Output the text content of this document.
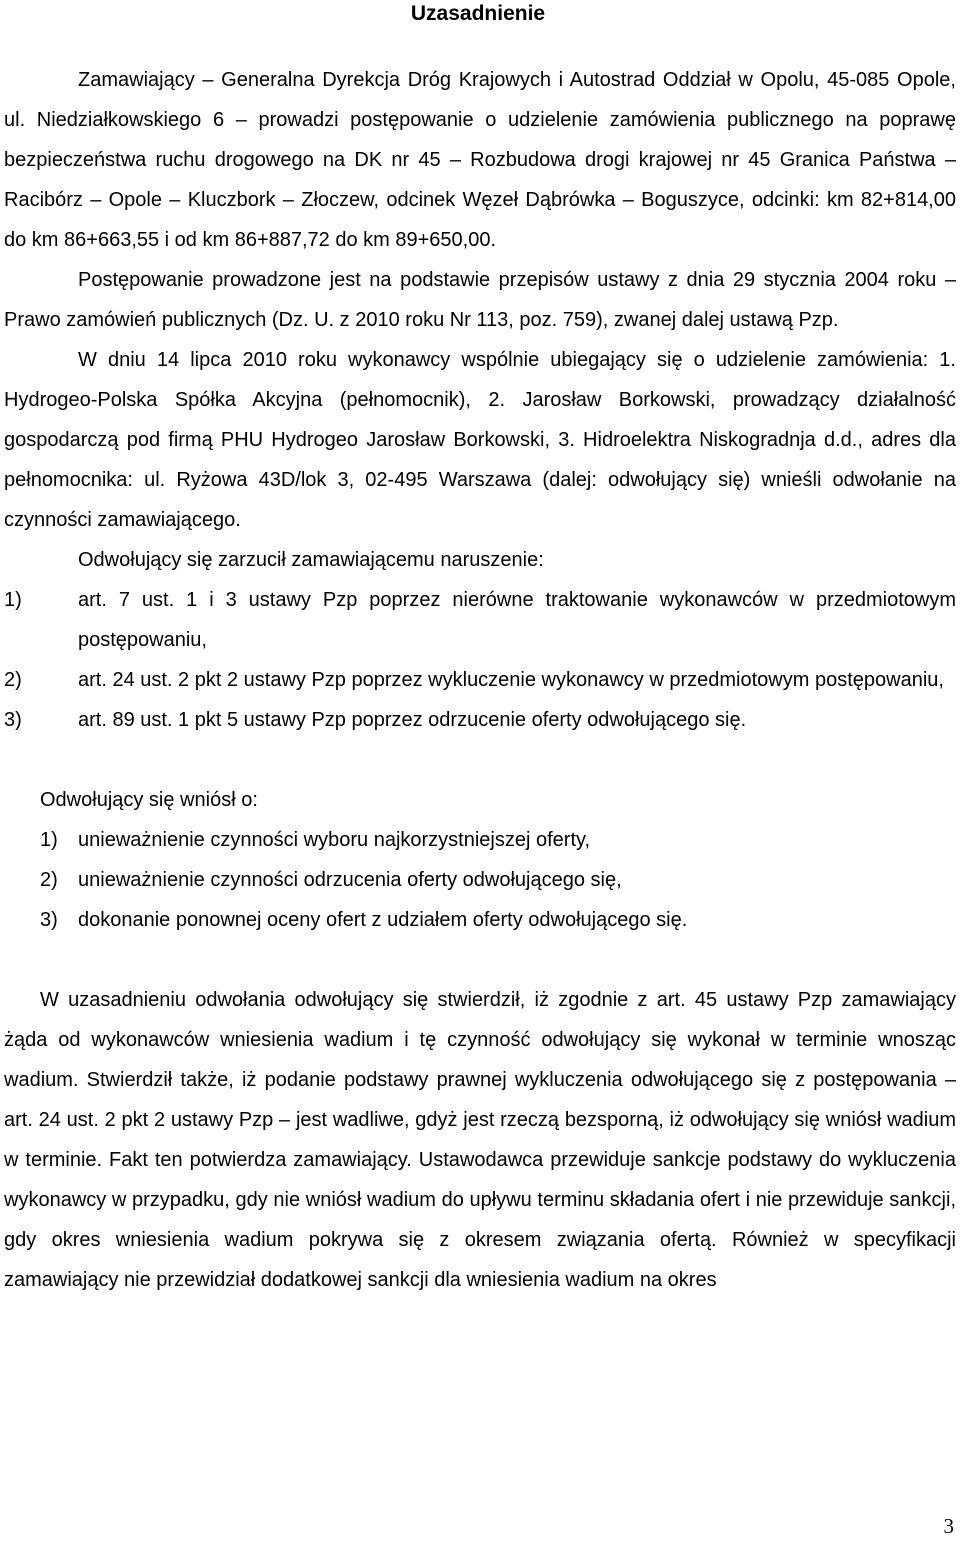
Uzasadnienie

Zamawiający – Generalna Dyrekcja Dróg Krajowych i Autostrad Oddział w Opolu, 45-085 Opole, ul. Niedziałkowskiego 6 – prowadzi postępowanie o udzielenie zamówienia publicznego na poprawę bezpieczeństwa ruchu drogowego na DK nr 45 – Rozbudowa drogi krajowej nr 45 Granica Państwa – Racibórz – Opole – Kluczbork – Złoczew, odcinek Węzeł Dąbrówka – Boguszyce, odcinki: km 82+814,00 do km 86+663,55 i od km 86+887,72 do km 89+650,00.

Postępowanie prowadzone jest na podstawie przepisów ustawy z dnia 29 stycznia 2004 roku – Prawo zamówień publicznych (Dz. U. z 2010 roku Nr 113, poz. 759), zwanej dalej ustawą Pzp.

W dniu 14 lipca 2010 roku wykonawcy wspólnie ubiegający się o udzielenie zamówienia: 1. Hydrogeo-Polska Spółka Akcyjna (pełnomocnik), 2. Jarosław Borkowski, prowadzący działalność gospodarczą pod firmą PHU Hydrogeo Jarosław Borkowski, 3. Hidroelektra Niskogradnja d.d., adres dla pełnomocnika: ul. Ryżowa 43D/lok 3, 02-495 Warszawa (dalej: odwołujący się) wnieśli odwołanie na czynności zamawiającego.

Odwołujący się zarzucił zamawiającemu naruszenie:

1)	art. 7 ust. 1 i 3 ustawy Pzp poprzez nierówne traktowanie wykonawców w przedmiotowym postępowaniu,
2)	art. 24 ust. 2 pkt 2 ustawy Pzp poprzez wykluczenie wykonawcy w przedmiotowym postępowaniu,
3)	art. 89 ust. 1 pkt 5 ustawy Pzp poprzez odrzucenie oferty odwołującego się.

Odwołujący się wniósł o:

1) unieważnienie czynności wyboru najkorzystniejszej oferty,
2) unieważnienie czynności odrzucenia oferty odwołującego się,
3) dokonanie ponownej oceny ofert z udziałem oferty odwołującego się.

W uzasadnieniu odwołania odwołujący się stwierdził, iż zgodnie z art. 45 ustawy Pzp zamawiający żąda od wykonawców wniesienia wadium i tę czynność odwołujący się wykonał w terminie wnosząc wadium. Stwierdził także, iż podanie podstawy prawnej wykluczenia odwołującego się z postępowania – art. 24 ust. 2 pkt 2 ustawy Pzp – jest wadliwe, gdyż jest rzeczą bezsporną, iż odwołujący się wniósł wadium w terminie. Fakt ten potwierdza zamawiający. Ustawodawca przewiduje sankcje podstawy do wykluczenia wykonawcy w przypadku, gdy nie wniósł wadium do upływu terminu składania ofert i nie przewiduje sankcji, gdy okres wniesienia wadium pokrywa się z okresem związania ofertą. Również w specyfikacji zamawiający nie przewidział dodatkowej sankcji dla wniesienia wadium na okres

3
